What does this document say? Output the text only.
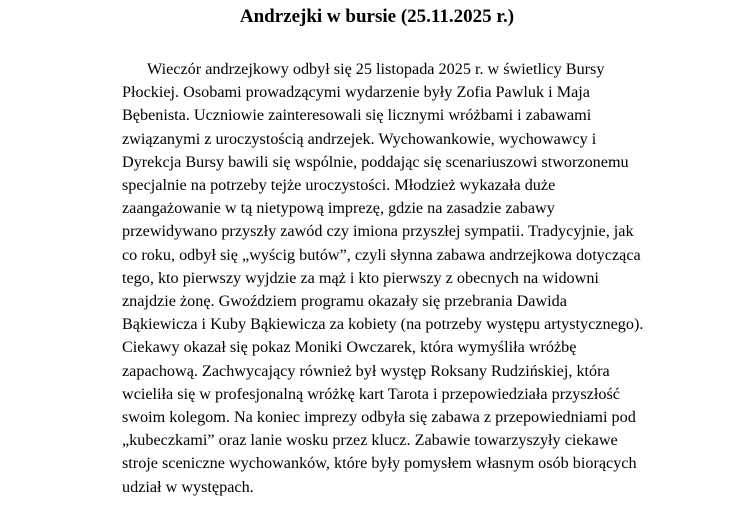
Andrzejki w bursie (25.11.2025 r.)
Wieczór andrzejkowy odbył się 25 listopada 2025 r. w świetlicy Bursy
Płockiej. Osobami prowadzącymi wydarzenie były Zofia Pawluk i Maja
Bębenista. Uczniowie zainteresowali się licznymi wróżbami i zabawami
związanymi z uroczystością andrzejek. Wychowankowie, wychowawcy i
Dyrekcja Bursy bawili się wspólnie, poddając się scenariuszowi stworzonemu
specjalnie na potrzeby tejże uroczystości. Młodzież wykazała duże
zaangażowanie w tą nietypową imprezę, gdzie na zasadzie zabawy
przewidywano przyszły zawód czy imiona przyszłej sympatii. Tradycyjnie, jak
co roku, odbył się „wyścig butów”, czyli słynna zabawa andrzejkowa dotycząca
tego, kto pierwszy wyjdzie za mąż i kto pierwszy z obecnych na widowni
znajdzie żonę. Gwoździem programu okazały się przebrania Dawida
Bąkiewicza i Kuby Bąkiewicza za kobiety (na potrzeby występu artystycznego).
Ciekawy okazał się pokaz Moniki Owczarek, która wymyśliła wróżbę
zapachową. Zachwycający również był występ Roksany Rudzińskiej, która
wcieliła się w profesjonalną wróżkę kart Tarota i przepowiedziała przyszłość
swoim kolegom. Na koniec imprezy odbyła się zabawa z przepowiedniami pod
„kubeczkami” oraz lanie wosku przez klucz. Zabawie towarzyszyły ciekawe
stroje sceniczne wychowanków, które były pomysłem własnym osób biorących
udział w występach.
